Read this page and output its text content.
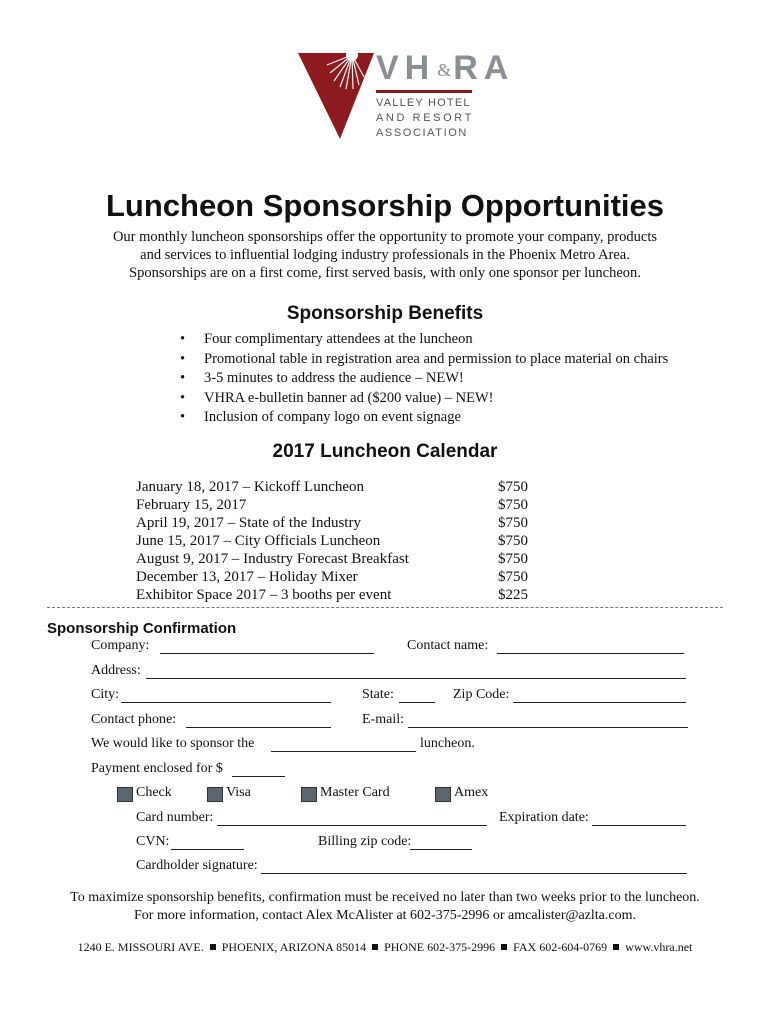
VH &RA
VALLEY HOTEL
AND RESORT
ASSOCIATION
Luncheon Sponsorship Opportunities
Our monthly luncheon sponsorships offer the opportunity to promote your company, products
and services to influential lodging industry professionals in the Phoenix Metro Area.
Sponsorships are on a first come, first served basis, with only one sponsor per luncheon.
Sponsorship Benefits
• Four complimentary attendees at the luncheon
• Promotional table in registration area and permission to place material on chairs
• 3-5 minutes to address the audience – NEW!
• VHRA e-bulletin banner ad ($200 value) – NEW!
• Inclusion of company logo on event signage
2017 Luncheon Calendar
January 18, 2017 – Kickoff Luncheon	$750
February 15, 2017	$750
April 19, 2017 – State of the Industry	$750
June 15, 2017 – City Officials Luncheon	$750
August 9, 2017 – Industry Forecast Breakfast	$750
December 13, 2017 – Holiday Mixer	$750
Exhibitor Space 2017 – 3 booths per event	$225
Sponsorship Confirmation
Company:	Contact name:
Address:
City:	State:	Zip Code:
Contact phone:	E-mail:
We would like to sponsor the	luncheon.
Payment enclosed for $
Check	Visa	Master Card	Amex
Card number:	Expiration date:
CVN:	Billing zip code:
Cardholder signature:
To maximize sponsorship benefits, confirmation must be received no later than two weeks prior to the luncheon.
For more information, contact Alex McAlister at 602-375-2996 or amcalister@azlta.com.
1240 E. MISSOURI AVE. PHOENIX, ARIZONA 85014 PHONE 602-375-2996 FAX 602-604-0769 www.vhra.net
